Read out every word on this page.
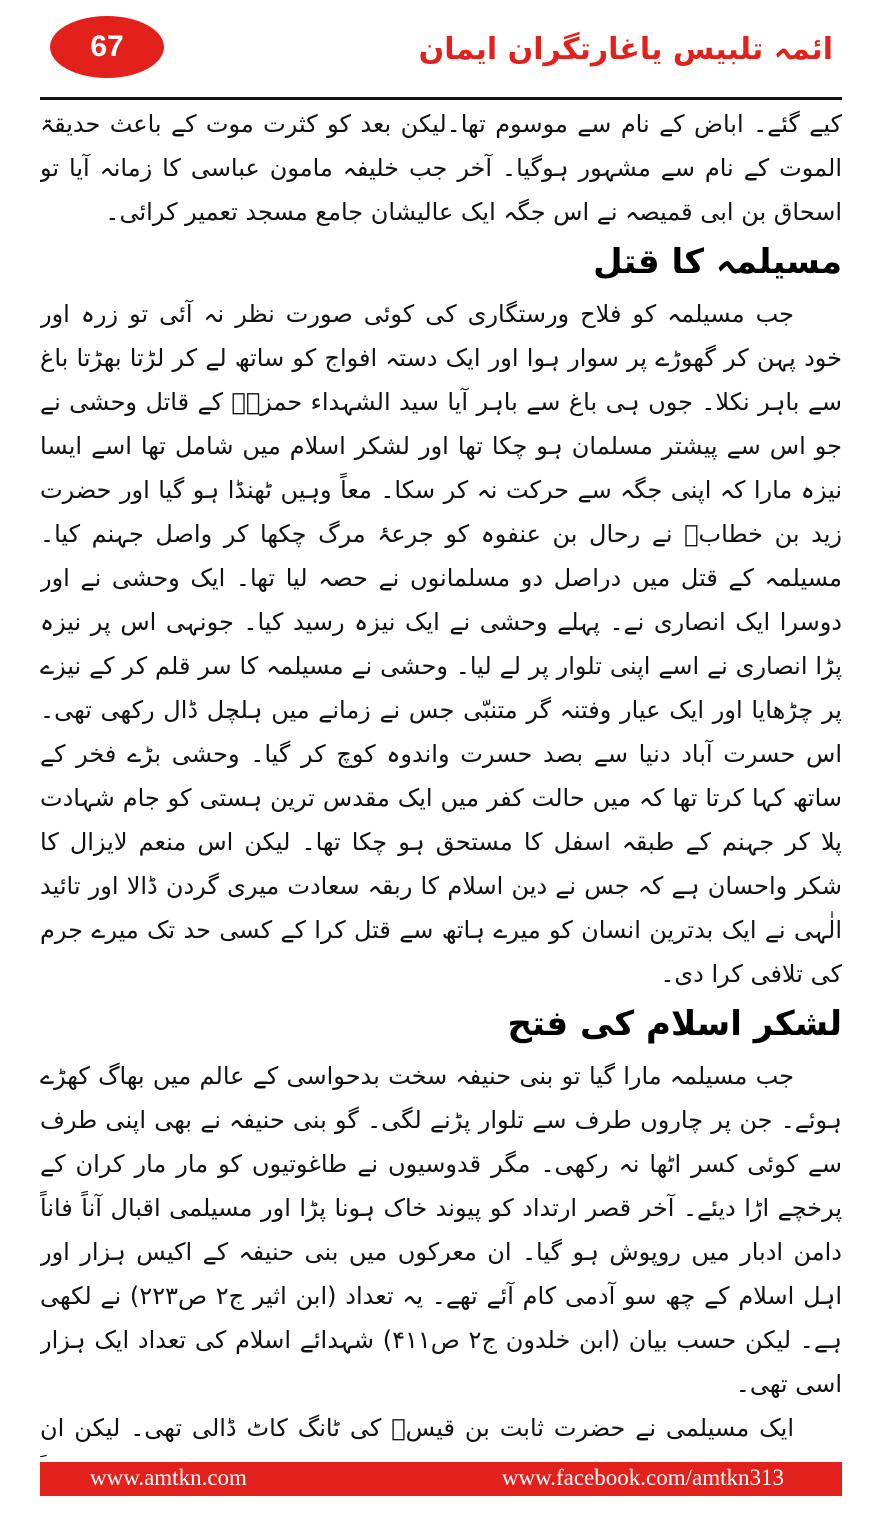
67	ائمہ تلبیس یاغارتگران ایمان

کیے گئے۔ اباض کے نام سے موسوم تھا۔لیکن بعد کو کثرت موت کے باعث حدیقۃ الموت کے نام سے مشہور ہوگیا۔ آخر جب خلیفہ مامون عباسی کا زمانہ آیا تو اسحاق بن ابی قمیصہ نے اس جگہ ایک عالیشان جامع مسجد تعمیر کرائی۔

مسیلمہ کا قتل

جب مسیلمہ کو فلاح ورستگاری کی کوئی صورت نظر نہ آئی تو زرہ اور خود پہن کر گھوڑے پر سوار ہوا اور ایک دستہ افواج کو ساتھ لے کر لڑتا بھڑتا باغ سے باہر نکلا۔ جوں ہی باغ سے باہر آیا سید الشہداء حمزہؓ کے قاتل وحشی نے جو اس سے پیشتر مسلمان ہو چکا تھا اور لشکر اسلام میں شامل تھا اسے ایسا نیزہ مارا کہ اپنی جگہ سے حرکت نہ کر سکا۔ معاً وہیں ٹھنڈا ہو گیا اور حضرت زید بن خطابؓ نے رحال بن عنفوہ کو جرعۂ مرگ چکھا کر واصل جہنم کیا۔ مسیلمہ کے قتل میں دراصل دو مسلمانوں نے حصہ لیا تھا۔ ایک وحشی نے اور دوسرا ایک انصاری نے۔ پہلے وحشی نے ایک نیزہ رسید کیا۔ جونہی اس پر نیزہ پڑا انصاری نے اسے اپنی تلوار پر لے لیا۔ وحشی نے مسیلمہ کا سر قلم کر کے نیزے پر چڑھایا اور ایک عیار وفتنہ گر متنبّی جس نے زمانے میں ہلچل ڈال رکھی تھی۔ اس حسرت آباد دنیا سے بصد حسرت واندوہ کوچ کر گیا۔ وحشی بڑے فخر کے ساتھ کہا کرتا تھا کہ میں حالت کفر میں ایک مقدس ترین ہستی کو جام شہادت پلا کر جہنم کے طبقہ اسفل کا مستحق ہو چکا تھا۔ لیکن اس منعم لایزال کا شکر واحسان ہے کہ جس نے دین اسلام کا ربقہ سعادت میری گردن ڈالا اور تائید الٰہی نے ایک بدترین انسان کو میرے ہاتھ سے قتل کرا کے کسی حد تک میرے جرم کی تلافی کرا دی۔

لشکر اسلام کی فتح

جب مسیلمہ مارا گیا تو بنی حنیفہ سخت بدحواسی کے عالم میں بھاگ کھڑے ہوئے۔ جن پر چاروں طرف سے تلوار پڑنے لگی۔ گو بنی حنیفہ نے بھی اپنی طرف سے کوئی کسر اٹھا نہ رکھی۔ مگر قدوسیوں نے طاغوتیوں کو مار مار کران کے پرخچے اڑا دیئے۔ آخر قصر ارتداد کو پیوند خاک ہونا پڑا اور مسیلمی اقبال آناً فاناً دامن ادبار میں روپوش ہو گیا۔ ان معرکوں میں بنی حنیفہ کے اکیس ہزار اور اہل اسلام کے چھ سو آدمی کام آئے تھے۔ یہ تعداد (ابن اثیر ج۲ ص۲۲۳) نے لکھی ہے۔ لیکن حسب بیان (ابن خلدون ج۲ ص۴۱۱) شہدائے اسلام کی تعداد ایک ہزار اسی تھی۔

ایک مسیلمی نے حضرت ثابت بن قیسؓ کی ٹانگ کاٹ ڈالی تھی۔ لیکن ان

www.amtkn.com	www.facebook.com/amtkn313
